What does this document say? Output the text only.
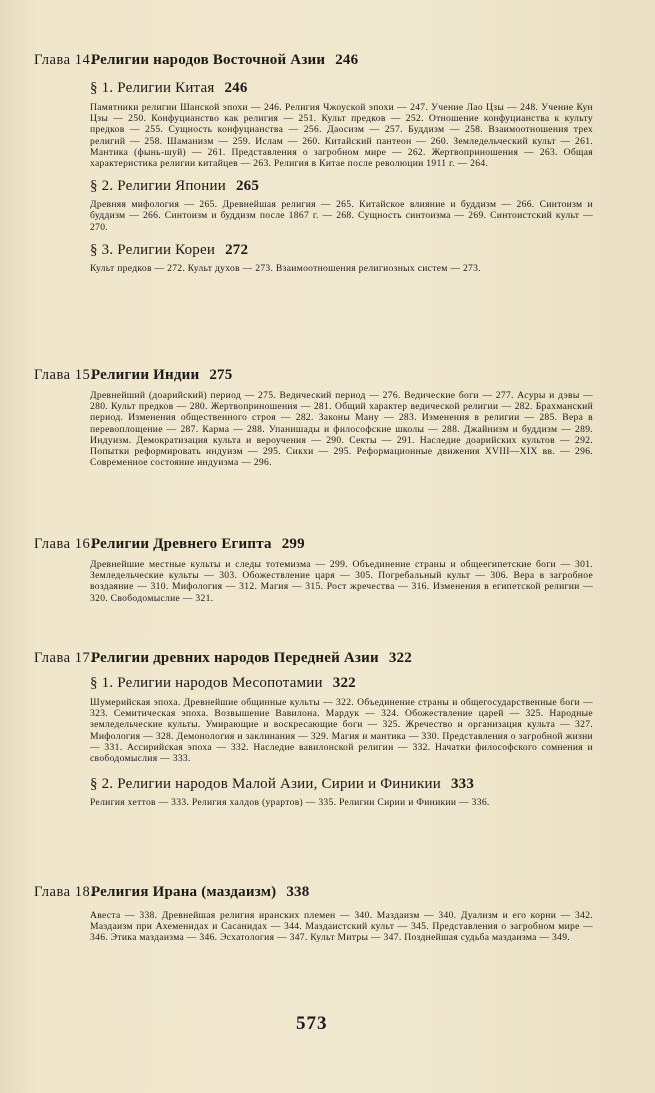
Глава 14.
Религии народов Восточной Азии 246
§ 1. Религии Китая 246
Памятники религии Шанской эпохи — 246. Религия Чжоуской эпохи — 247. Учение Лао Цзы — 248. Учение Кун Цзы — 250. Конфуцианство как религия — 251. Культ предков — 252. Отношение конфуцианства к культу предков — 255. Сущность конфуцианства — 256. Даосизм — 257. Буддизм — 258. Взаимоотношения трех религий — 258. Шаманизм — 259. Ислам — 260. Китайский пантеон — 260. Земледельческий культ — 261. Мантика (фынь-шуй) — 261. Представления о загробном мире — 262. Жертвоприношения — 263. Общая характеристика религии китайцев — 263. Религия в Китае после революции 1911 г. — 264.
§ 2. Религии Японии 265
Древняя мифология — 265. Древнейшая религия — 265. Китайское влияние и буддизм — 266. Синтоизм и буддизм — 266. Синтоизм и буддизм после 1867 г. — 268. Сущность синтоизма — 269. Синтоистский культ — 270.
§ 3. Религии Кореи 272
Культ предков — 272. Культ духов — 273. Взаимоотношения религиозных систем — 273.
Глава 15.
Религии Индии 275
Древнейший (доарийский) период — 275. Ведический период — 276. Ведические боги — 277. Асуры и дэвы — 280. Культ предков — 280. Жертвоприношения — 281. Общий характер ведической религии — 282. Брахманский период. Изменения общественного строя — 282. Законы Ману — 283. Изменения в религии — 285. Вера в перевоплощение — 287. Карма — 288. Упанишады и философские школы — 288. Джайнизм и буддизм — 289. Индуизм. Демократизация культа и вероучения — 290. Секты — 291. Наследие доарийских культов — 292. Попытки реформировать индуизм — 295. Сикхи — 295. Реформационные движения XVIII—XIX вв. — 296. Современное состояние индуизма — 296.
Глава 16.
Религии Древнего Египта 299
Древнейшие местные культы и следы тотемизма — 299. Объединение страны и общеегипетские боги — 301. Земледельческие культы — 303. Обожествление царя — 305. Погребальный культ — 306. Вера в загробное воздаяние — 310. Мифология — 312. Магия — 315. Рост жречества — 316. Изменения в египетской религии — 320. Свободомыслие — 321.
Глава 17.
Религии древних народов Передней Азии 322
§ 1. Религии народов Месопотамии 322
Шумерийская эпоха. Древнейшие общинные культы — 322. Объединение страны и общегосударственные боги — 323. Семитическая эпоха. Возвышение Вавилона. Мардук — 324. Обожествление царей — 325. Народные земледельческие культы. Умирающие и воскресающие боги — 325. Жречество и организация культа — 327. Мифология — 328. Демонология и заклинания — 329. Магия и мантика — 330. Представления о загробной жизни — 331. Ассирийская эпоха — 332. Наследие вавилонской религии — 332. Начатки философского сомнения и свободомыслия — 333.
§ 2. Религии народов Малой Азии, Сирии и Финикии 333
Религия хеттов — 333. Религия халдов (урартов) — 335. Религии Сирии и Финикии — 336.
Глава 18.
Религия Ирана (маздаизм) 338
Авеста — 338. Древнейшая религия иранских племен — 340. Маздаизм — 340. Дуализм и его корни — 342. Маздаизм при Ахеменидах и Сасанидах — 344. Маздаистский культ — 345. Представления о загробном мире — 346. Этика маздаизма — 346. Эсхатология — 347. Культ Митры — 347. Позднейшая судьба маздаизма — 349.
573
